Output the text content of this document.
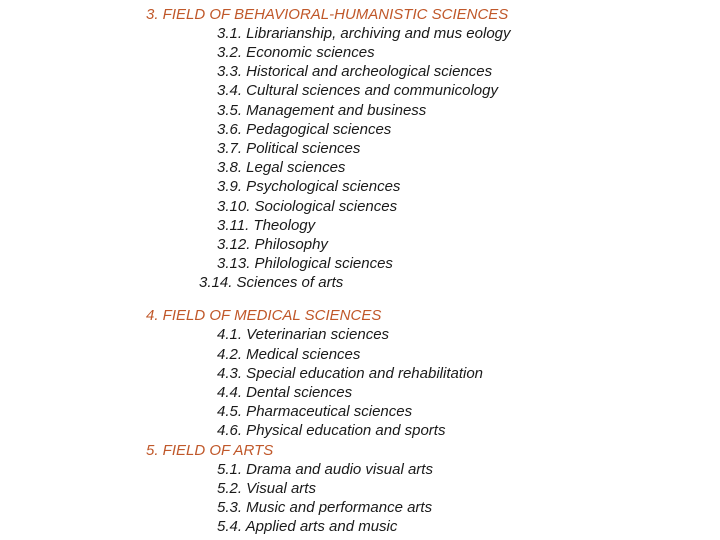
3. FIELD OF BEHAVIORAL-HUMANISTIC SCIENCES
3.1. Librarianship, archiving and mus eology
3.2. Economic sciences
3.3. Historical and archeological sciences
3.4. Cultural sciences and communicology
3.5. Management and business
3.6. Pedagogical sciences
3.7. Political sciences
3.8. Legal sciences
3.9. Psychological sciences
3.10. Sociological sciences
3.11. Theology
3.12. Philosophy
3.13. Philological sciences
3.14. Sciences of arts
4. FIELD OF MEDICAL SCIENCES
4.1. Veterinarian sciences
4.2. Medical sciences
4.3. Special education and rehabilitation
4.4. Dental sciences
4.5. Pharmaceutical sciences
4.6. Physical education and sports
5. FIELD OF ARTS
5.1. Drama and audio visual arts
5.2. Visual arts
5.3. Music and performance arts
5.4. Applied arts and music
